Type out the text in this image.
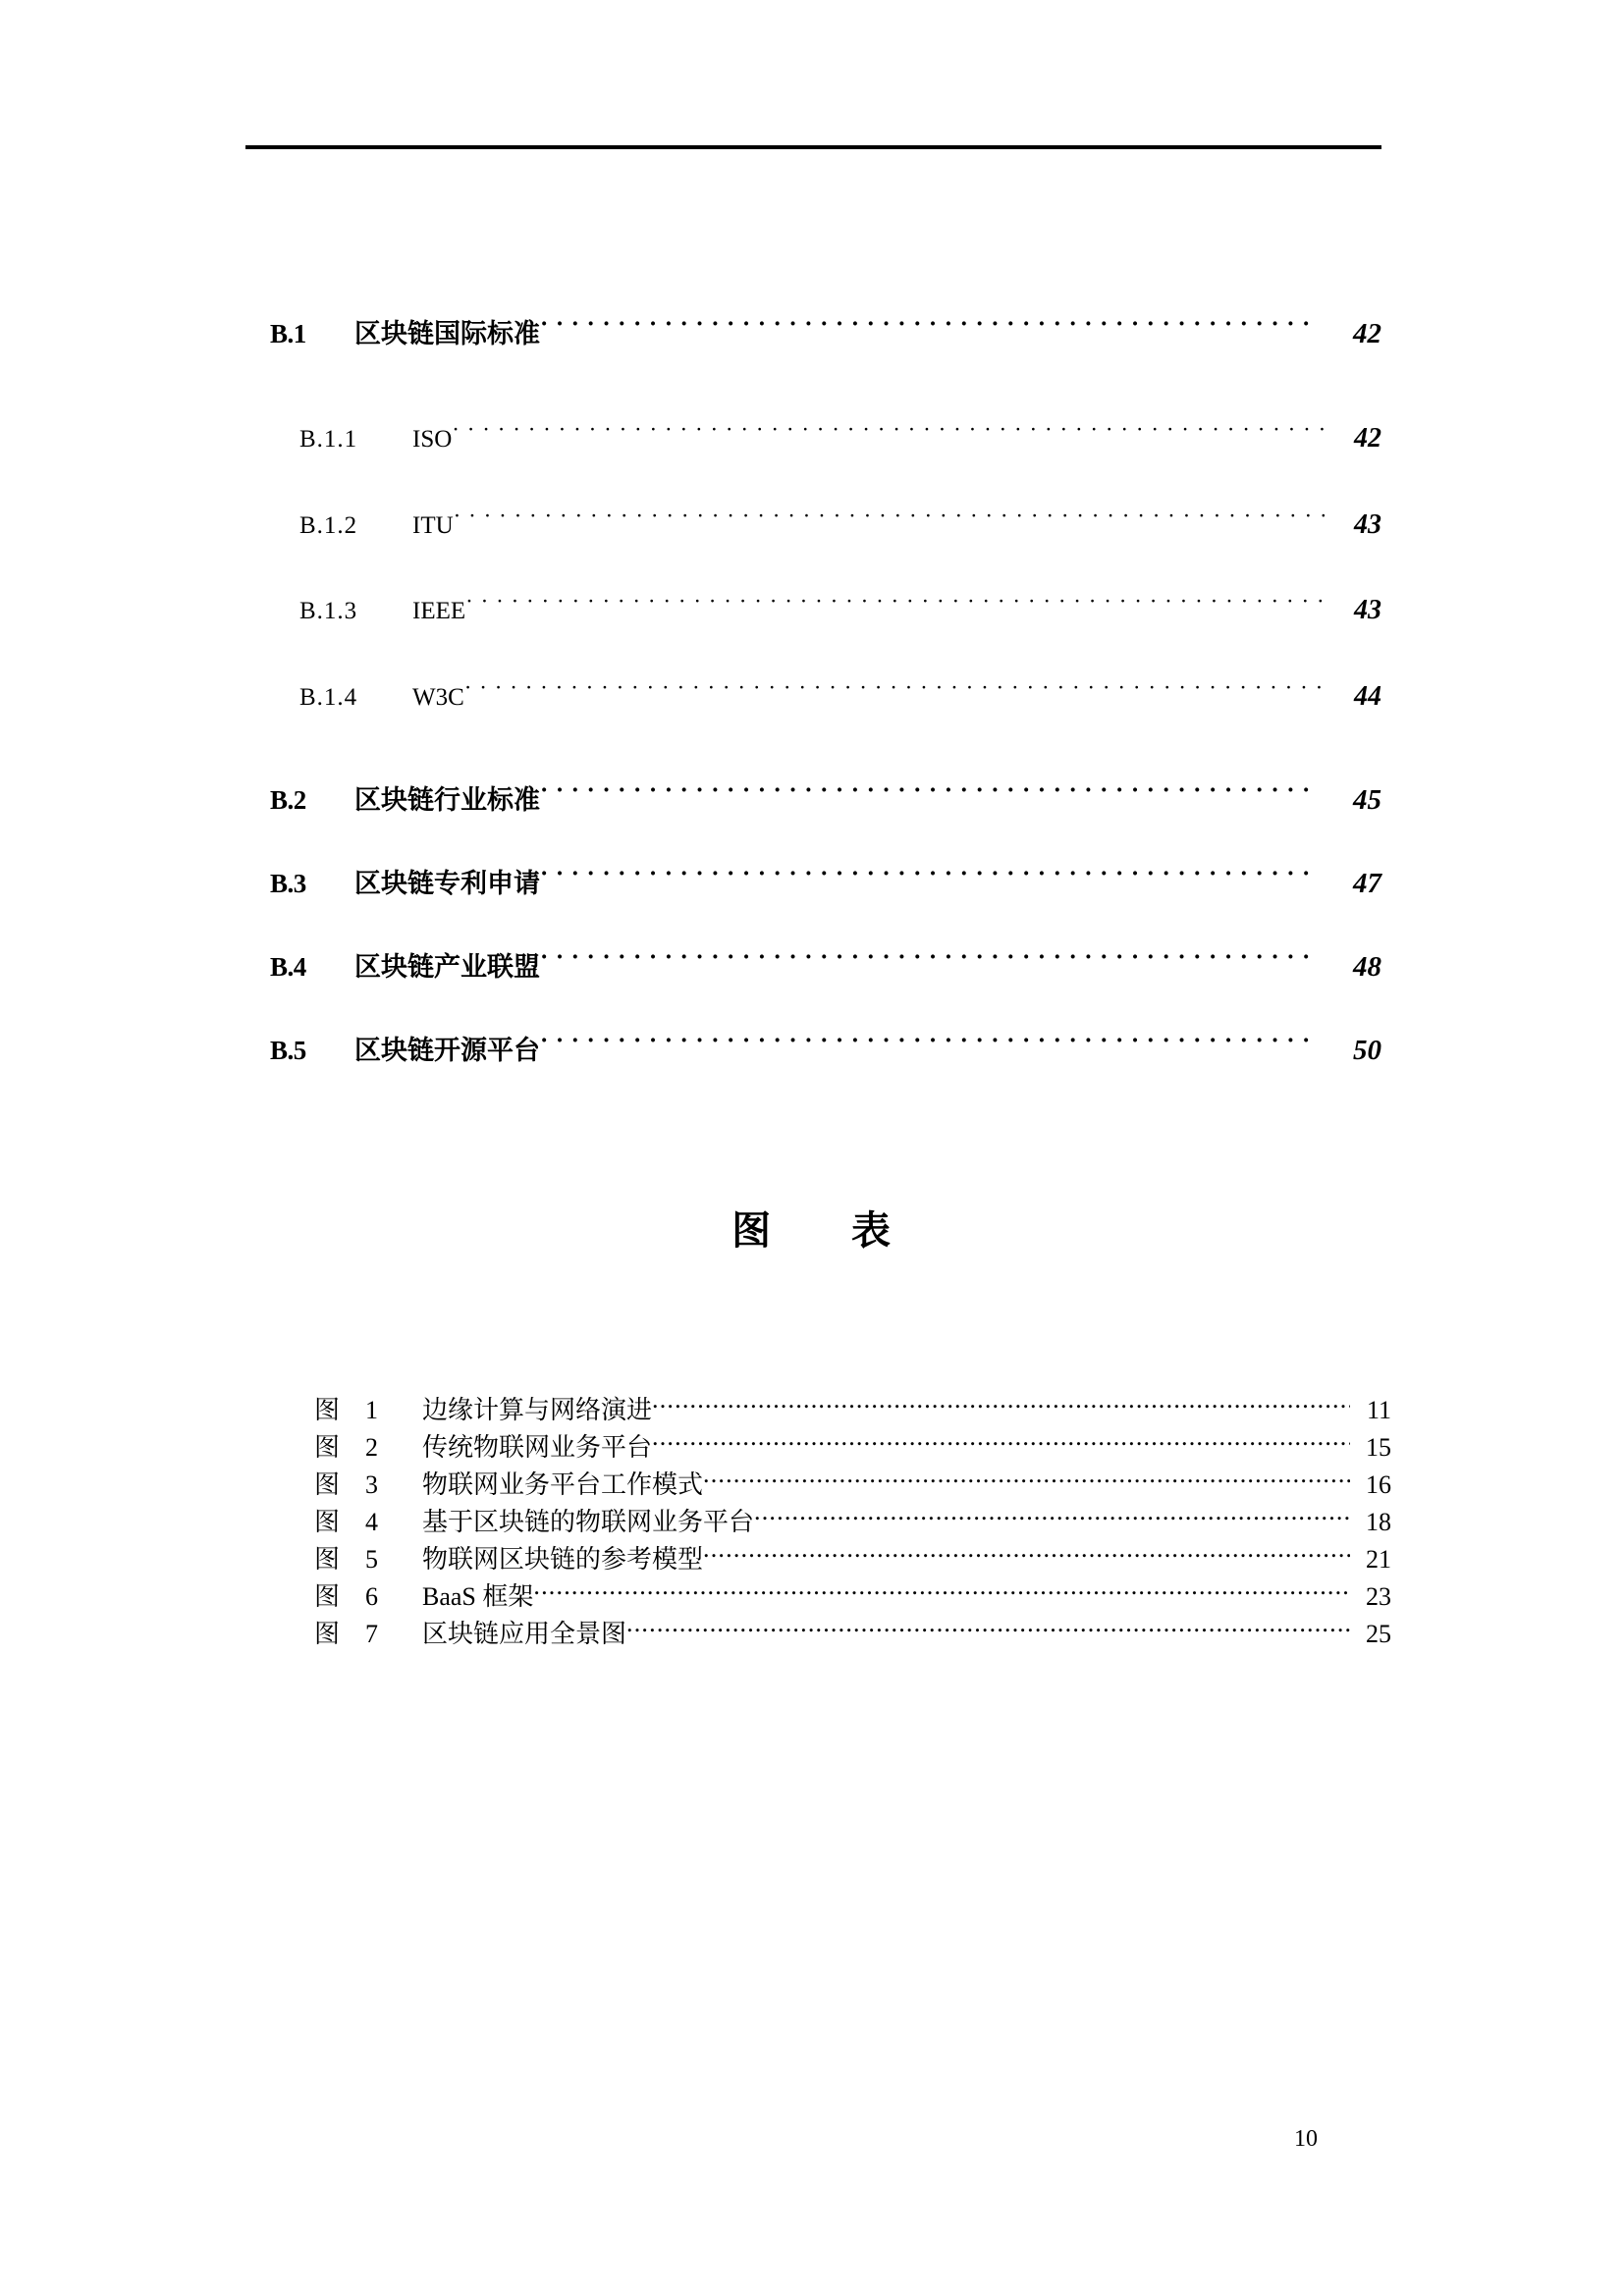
B.1	区块链国际标准 ·····	42
B.1.1	ISO ·····	42
B.1.2	ITU ·····	43
B.1.3	IEEE ·····	43
B.1.4	W3C ·····	44
B.2	区块链行业标准 ·····	45
B.3	区块链专利申请 ·····	47
B.4	区块链产业联盟 ·····	48
B.5	区块链开源平台 ·····	50
图 表
图 1	边缘计算与网络演进 .....	11
图 2	传统物联网业务平台 .....	15
图 3	物联网业务平台工作模式 .....	16
图 4	基于区块链的物联网业务平台 .....	18
图 5	物联网区块链的参考模型 .....	21
图 6	BaaS 框架 .....	23
图 7	区块链应用全景图 .....	25
10
